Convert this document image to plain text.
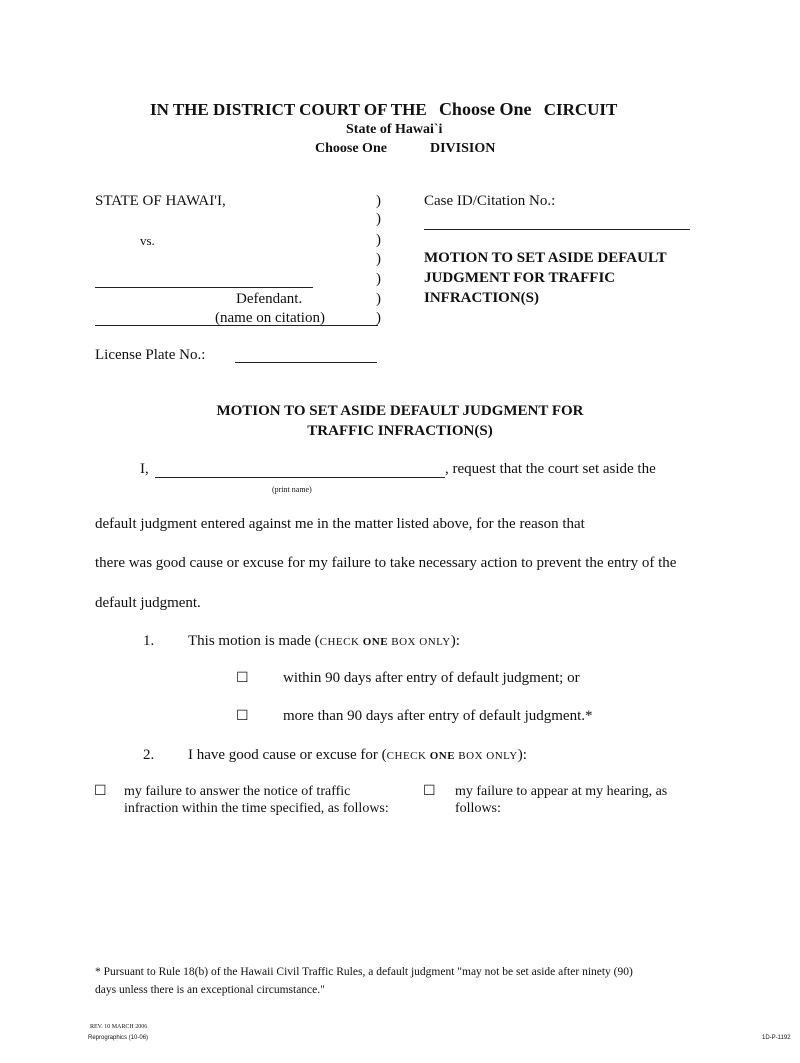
IN THE DISTRICT COURT OF THE Choose One CIRCUIT
State of Hawai`i
Choose One	DIVISION
STATE OF HAWAI'I,
vs.
Defendant.
(name on citation)
)
)
)
)
)
)
)
Case ID/Citation No.:
MOTION TO SET ASIDE DEFAULT
JUDGMENT FOR TRAFFIC
INFRACTION(S)
License Plate No.:
MOTION TO SET ASIDE DEFAULT JUDGMENT FOR
TRAFFIC INFRACTION(S)
I,	, request that the court set aside the
(print name)
default judgment entered against me in the matter listed above, for the reason that
there was good cause or excuse for my failure to take necessary action to prevent the entry of the
default judgment.
1. This motion is made (CHECK ONE BOX ONLY):
☐ within 90 days after entry of default judgment; or
☐ more than 90 days after entry of default judgment.*
2. I have good cause or excuse for (CHECK ONE BOX ONLY):
☐ my failure to answer the notice of traffic
infraction within the time specified, as follows:
☐ my failure to appear at my hearing, as
follows:
* Pursuant to Rule 18(b) of the Hawaii Civil Traffic Rules, a default judgment "may not be set aside after ninety (90)
days unless there is an exceptional circumstance."
REV. 10 MARCH 2006
Reprographics (10-06)	1D-P-1192
